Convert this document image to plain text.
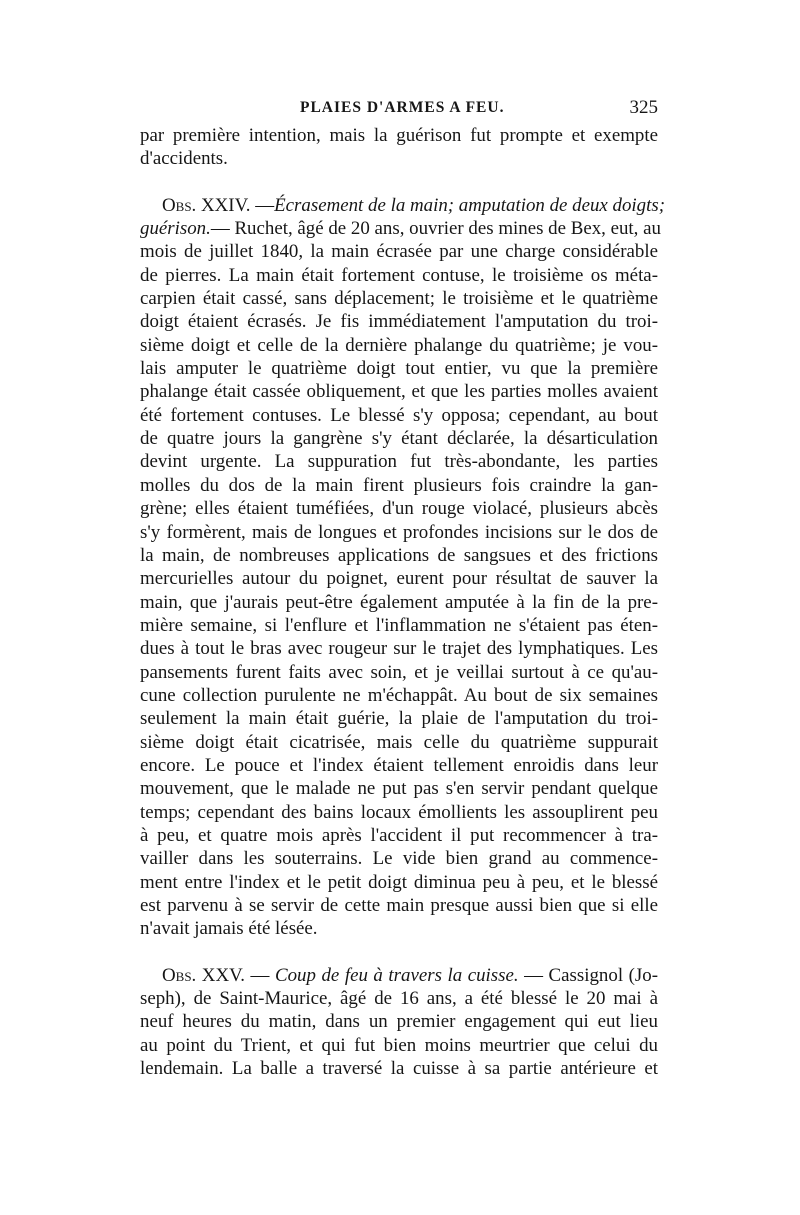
PLAIES D'ARMES A FEU.	325
par première intention, mais la guérison fut prompte et exempte
d'accidents.
Obs. XXIV. —Écrasement de la main; amputation de deux doigts;
guérison.— Ruchet, âgé de 20 ans, ouvrier des mines de Bex, eut, au
mois de juillet 1840, la main écrasée par une charge considérable
de pierres. La main était fortement contuse, le troisième os méta-
carpien était cassé, sans déplacement; le troisième et le quatrième
doigt étaient écrasés. Je fis immédiatement l'amputation du troi-
sième doigt et celle de la dernière phalange du quatrième; je vou-
lais amputer le quatrième doigt tout entier, vu que la première
phalange était cassée obliquement, et que les parties molles avaient
été fortement contuses. Le blessé s'y opposa; cependant, au bout
de quatre jours la gangrène s'y étant déclarée, la désarticulation
devint urgente. La suppuration fut très-abondante, les parties
molles du dos de la main firent plusieurs fois craindre la gan-
grène; elles étaient tuméfiées, d'un rouge violacé, plusieurs abcès
s'y formèrent, mais de longues et profondes incisions sur le dos de
la main, de nombreuses applications de sangsues et des frictions
mercurielles autour du poignet, eurent pour résultat de sauver la
main, que j'aurais peut-être également amputée à la fin de la pre-
mière semaine, si l'enflure et l'inflammation ne s'étaient pas éten-
dues à tout le bras avec rougeur sur le trajet des lymphatiques. Les
pansements furent faits avec soin, et je veillai surtout à ce qu'au-
cune collection purulente ne m'échappât. Au bout de six semaines
seulement la main était guérie, la plaie de l'amputation du troi-
sième doigt était cicatrisée, mais celle du quatrième suppurait
encore. Le pouce et l'index étaient tellement enroidis dans leur
mouvement, que le malade ne put pas s'en servir pendant quelque
temps; cependant des bains locaux émollients les assouplirent peu
à peu, et quatre mois après l'accident il put recommencer à tra-
vailler dans les souterrains. Le vide bien grand au commence-
ment entre l'index et le petit doigt diminua peu à peu, et le blessé
est parvenu à se servir de cette main presque aussi bien que si elle
n'avait jamais été lésée.
Obs. XXV. — Coup de feu à travers la cuisse. — Cassignol (Jo-
seph), de Saint-Maurice, âgé de 16 ans, a été blessé le 20 mai à
neuf heures du matin, dans un premier engagement qui eut lieu
au point du Trient, et qui fut bien moins meurtrier que celui du
lendemain. La balle a traversé la cuisse à sa partie antérieure et
